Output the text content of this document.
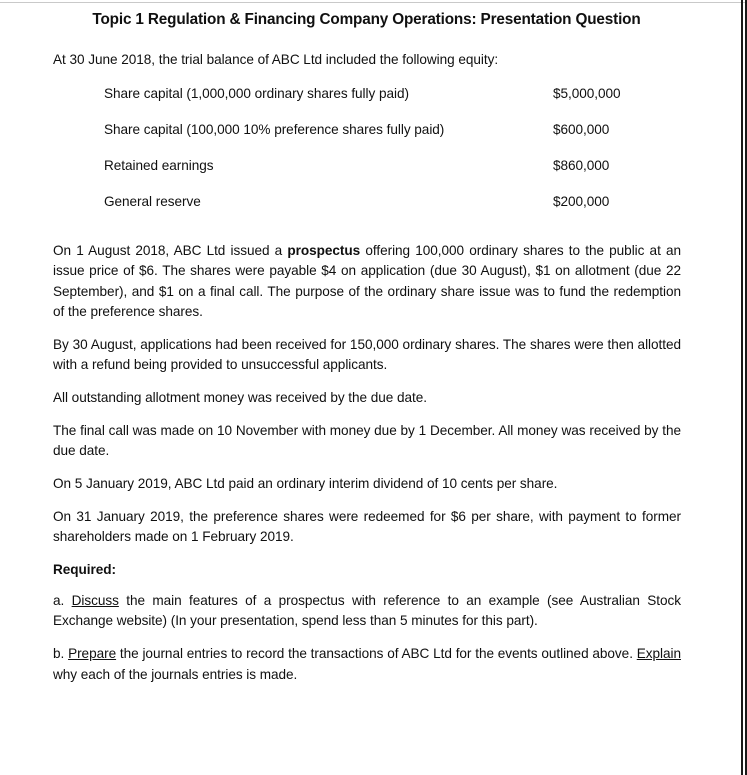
Topic 1 Regulation & Financing Company Operations: Presentation Question

At 30 June 2018, the trial balance of ABC Ltd included the following equity:

Share capital (1,000,000 ordinary shares fully paid)	$5,000,000
Share capital (100,000 10% preference shares fully paid)	$600,000
Retained earnings	$860,000
General reserve	$200,000

On 1 August 2018, ABC Ltd issued a prospectus offering 100,000 ordinary shares to the public at an issue price of $6. The shares were payable $4 on application (due 30 August), $1 on allotment (due 22 September), and $1 on a final call. The purpose of the ordinary share issue was to fund the redemption of the preference shares.

By 30 August, applications had been received for 150,000 ordinary shares. The shares were then allotted with a refund being provided to unsuccessful applicants.

All outstanding allotment money was received by the due date.

The final call was made on 10 November with money due by 1 December. All money was received by the due date.

On 5 January 2019, ABC Ltd paid an ordinary interim dividend of 10 cents per share.

On 31 January 2019, the preference shares were redeemed for $6 per share, with payment to former shareholders made on 1 February 2019.

Required:

a. Discuss the main features of a prospectus with reference to an example (see Australian Stock Exchange website) (In your presentation, spend less than 5 minutes for this part).

b. Prepare the journal entries to record the transactions of ABC Ltd for the events outlined above. Explain why each of the journals entries is made.
